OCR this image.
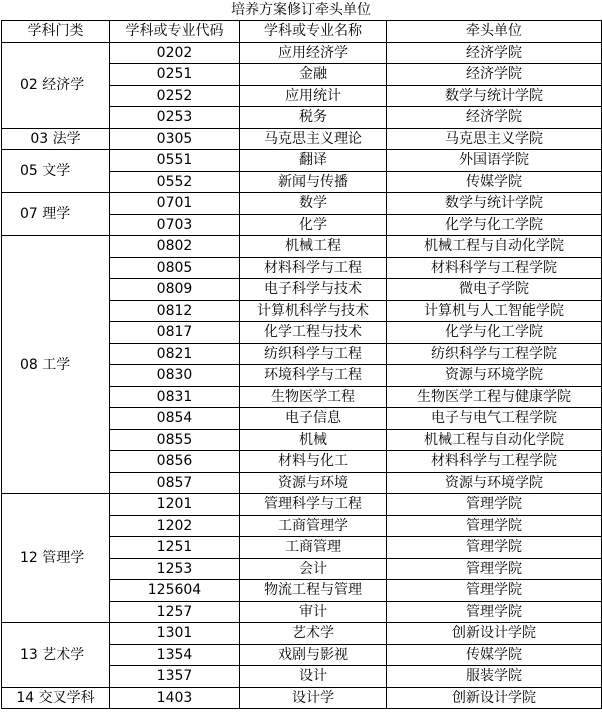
培养方案修订牵头单位
学科门类	学科或专业代码	学科或专业名称	牵头单位
02 经济学	0202	应用经济学	经济学院
	0251	金融	经济学院
	0252	应用统计	数学与统计学院
	0253	税务	经济学院
03 法学	0305	马克思主义理论	马克思主义学院
05 文学	0551	翻译	外国语学院
	0552	新闻与传播	传媒学院
07 理学	0701	数学	数学与统计学院
	0703	化学	化学与化工学院
08 工学	0802	机械工程	机械工程与自动化学院
	0805	材料科学与工程	材料科学与工程学院
	0809	电子科学与技术	微电子学院
	0812	计算机科学与技术	计算机与人工智能学院
	0817	化学工程与技术	化学与化工学院
	0821	纺织科学与工程	纺织科学与工程学院
	0830	环境科学与工程	资源与环境学院
	0831	生物医学工程	生物医学工程与健康学院
	0854	电子信息	电子与电气工程学院
	0855	机械	机械工程与自动化学院
	0856	材料与化工	材料科学与工程学院
	0857	资源与环境	资源与环境学院
12 管理学	1201	管理科学与工程	管理学院
	1202	工商管理学	管理学院
	1251	工商管理	管理学院
	1253	会计	管理学院
	125604	物流工程与管理	管理学院
	1257	审计	管理学院
13 艺术学	1301	艺术学	创新设计学院
	1354	戏剧与影视	传媒学院
	1357	设计	服装学院
14 交叉学科	1403	设计学	创新设计学院
